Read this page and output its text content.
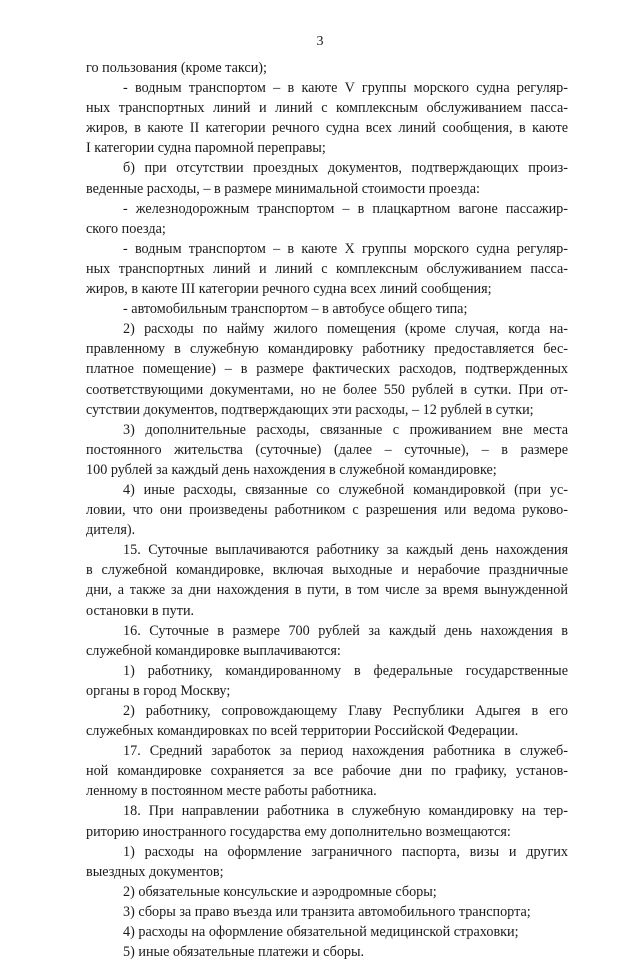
3

го пользования (кроме такси);

- водным транспортом – в каюте V группы морского судна регуляр-

ных транспортных линий и линий с комплексным обслуживанием пасса-

жиров, в каюте II категории речного судна всех линий сообщения, в каюте

I категории судна паромной переправы;

б) при отсутствии проездных документов, подтверждающих произ-

веденные расходы, – в размере минимальной стоимости проезда:

- железнодорожным транспортом – в плацкартном вагоне пассажир-

ского поезда;

- водным транспортом – в каюте X группы морского судна регуляр-

ных транспортных линий и линий с комплексным обслуживанием пасса-

жиров, в каюте III категории речного судна всех линий сообщения;

- автомобильным транспортом – в автобусе общего типа;

2) расходы по найму жилого помещения (кроме случая, когда на-

правленному в служебную командировку работнику предоставляется бес-

платное помещение) – в размере фактических расходов, подтвержденных

соответствующими документами, но не более 550 рублей в сутки. При от-

сутствии документов, подтверждающих эти расходы, – 12 рублей в сутки;

3) дополнительные расходы, связанные с проживанием вне места

постоянного жительства (суточные) (далее – суточные), – в размере

100 рублей за каждый день нахождения в служебной командировке;

4) иные расходы, связанные со служебной командировкой (при ус-

ловии, что они произведены работником с разрешения или ведома руково-

дителя).

15. Суточные выплачиваются работнику за каждый день нахождения

в служебной командировке, включая выходные и нерабочие праздничные

дни, а также за дни нахождения в пути, в том числе за время вынужденной

остановки в пути.

16. Суточные в размере 700 рублей за каждый день нахождения в

служебной командировке выплачиваются:

1) работнику, командированному в федеральные государственные

органы в город Москву;

2) работнику, сопровождающему Главу Республики Адыгея в его

служебных командировках по всей территории Российской Федерации.

17. Средний заработок за период нахождения работника в служеб-

ной командировке сохраняется за все рабочие дни по графику, установ-

ленному в постоянном месте работы работника.

18. При направлении работника в служебную командировку на тер-

риторию иностранного государства ему дополнительно возмещаются:

1) расходы на оформление заграничного паспорта, визы и других

выездных документов;

2) обязательные консульские и аэродромные сборы;

3) сборы за право въезда или транзита автомобильного транспорта;

4) расходы на оформление обязательной медицинской страховки;

5) иные обязательные платежи и сборы.
